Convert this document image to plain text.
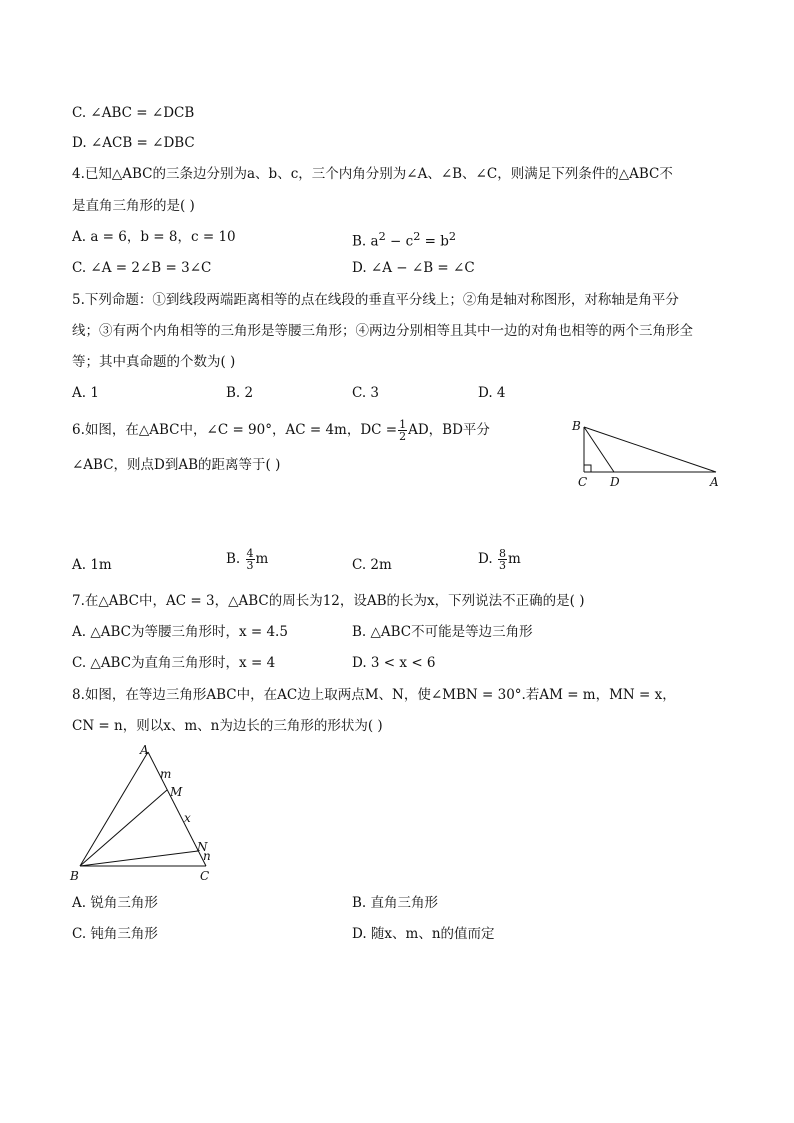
C. ∠ABC = ∠DCB
D. ∠ACB = ∠DBC
4.已知△ABC的三条边分别为a、b、c，三个内角分别为∠A、∠B、∠C，则满足下列条件的△ABC不
是直角三角形的是( )
A. a = 6，b = 8，c = 10	B. $a^2 - c^2 = b^2$
C. ∠A = 2∠B = 3∠C	D. ∠A − ∠B = ∠C
5.下列命题：①到线段两端距离相等的点在线段的垂直平分线上；②角是轴对称图形，对称轴是角平分
线；③有两个内角相等的三角形是等腰三角形；④两边分别相等且其中一边的对角也相等的两个三角形全
等；其中真命题的个数为( )
A. 1	B. 2	C. 3	D. 4
6.如图，在△ABC中，∠C = 90°，AC = 4m，DC = $\frac{1}{2}$ AD，BD平分
∠ABC，则点D到AB的距离等于( )
B
C D	A
A. 1m	B. $\frac{4}{3}$ m	C. 2m	D. $\frac{8}{3}$ m
7.在△ABC中，AC = 3，△ABC的周长为12，设AB的长为x，下列说法不正确的是( )
A. △ABC为等腰三角形时，x = 4.5	B. △ABC不可能是等边三角形
C. △ABC为直角三角形时，x = 4	D. 3 < x < 6
8.如图，在等边三角形ABC中，在AC边上取两点M、N，使∠MBN = 30°.若AM = m，MN = x，
CN = n，则以x、m、n为边长的三角形的形状为( )
A
m
M
x
N
n
B	C
A. 锐角三角形	B. 直角三角形
C. 钝角三角形	D. 随x、m、n的值而定
